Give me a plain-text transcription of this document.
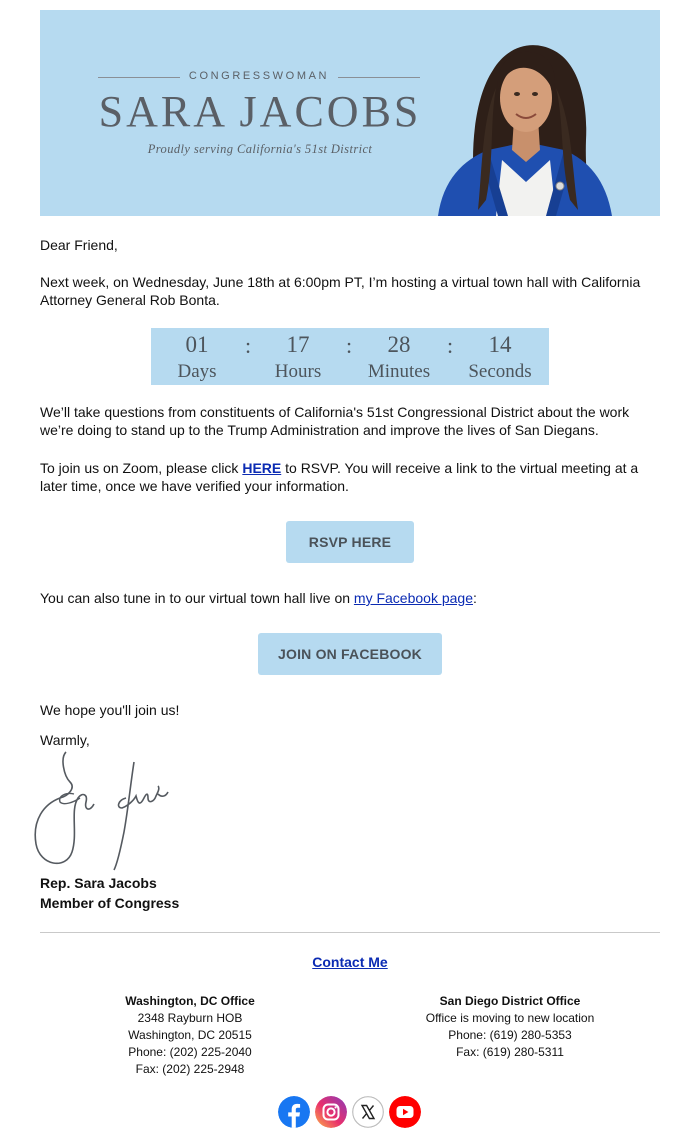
CONGRESSWOMAN
SARA JACOBS
Proudly serving California's 51st District

Dear Friend,

Next week, on Wednesday, June 18th at 6:00pm PT, I’m hosting a virtual town hall with California Attorney General Rob Bonta.

01
Days
:	17
Hours
:	28
Minutes
:	14
Seconds

We’ll take questions from constituents of California's 51st Congressional District about the work we’re doing to stand up to the Trump Administration and improve the lives of San Diegans.

To join us on Zoom, please click HERE to RSVP. You will receive a link to the virtual meeting at a later time, once we have verified your information.

RSVP HERE

You can also tune in to our virtual town hall live on my Facebook page:

JOIN ON FACEBOOK

We hope you'll join us!

Warmly,

Rep. Sara Jacobs

Member of Congress

Contact Me
Washington, DC Office
2348 Rayburn HOB
Washington, DC 20515
Phone: (202) 225-2040
Fax: (202) 225-2948
San Diego District Office
Office is moving to new location
Phone: (619) 280-5353
Fax: (619) 280-5311
